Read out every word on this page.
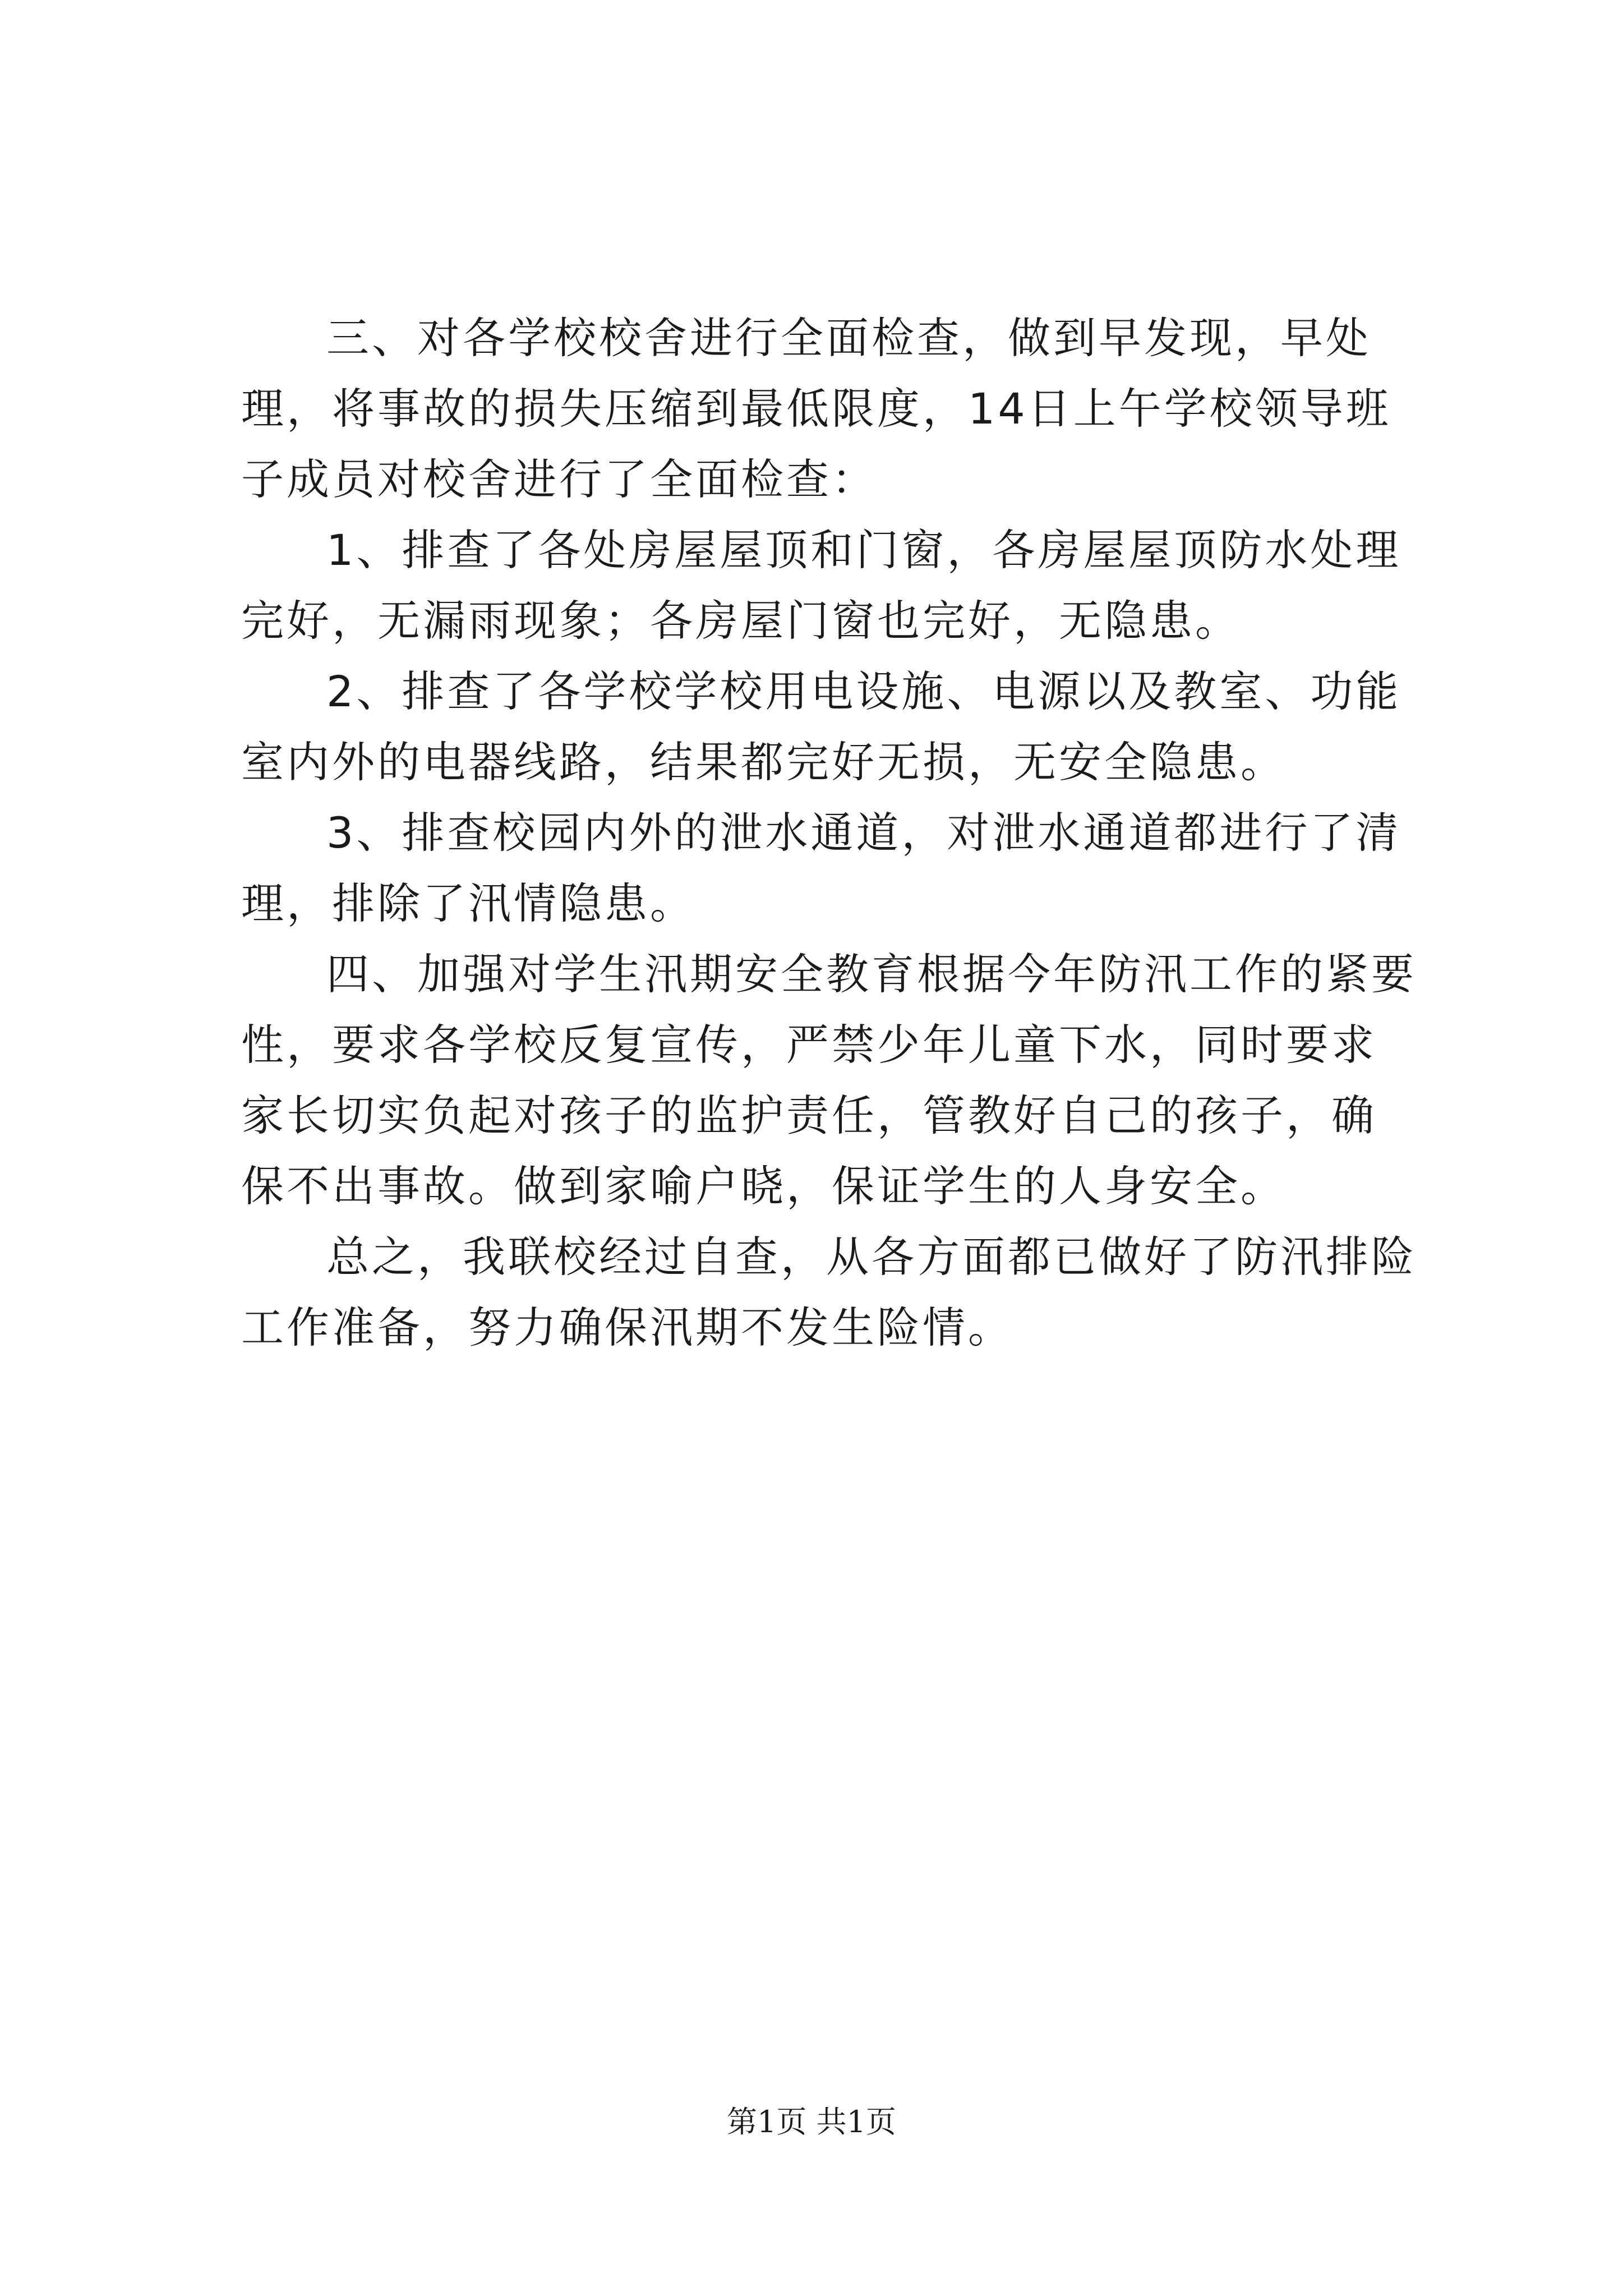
三、对各学校校舍进行全面检查，做到早发现，早处理，将事故的损失压缩到最低限度，14日上午学校领导班子成员对校舍进行了全面检查：

1、排查了各处房屋屋顶和门窗，各房屋屋顶防水处理完好，无漏雨现象；各房屋门窗也完好，无隐患。

2、排查了各学校学校用电设施、电源以及教室、功能室内外的电器线路，结果都完好无损，无安全隐患。

3、排查校园内外的泄水通道，对泄水通道都进行了清理，排除了汛情隐患。

四、加强对学生汛期安全教育根据今年防汛工作的紧要性，要求各学校反复宣传，严禁少年儿童下水，同时要求家长切实负起对孩子的监护责任，管教好自己的孩子，确保不出事故。做到家喻户晓，保证学生的人身安全。

总之，我联校经过自查，从各方面都已做好了防汛排险工作准备，努力确保汛期不发生险情。

第1页 共1页
